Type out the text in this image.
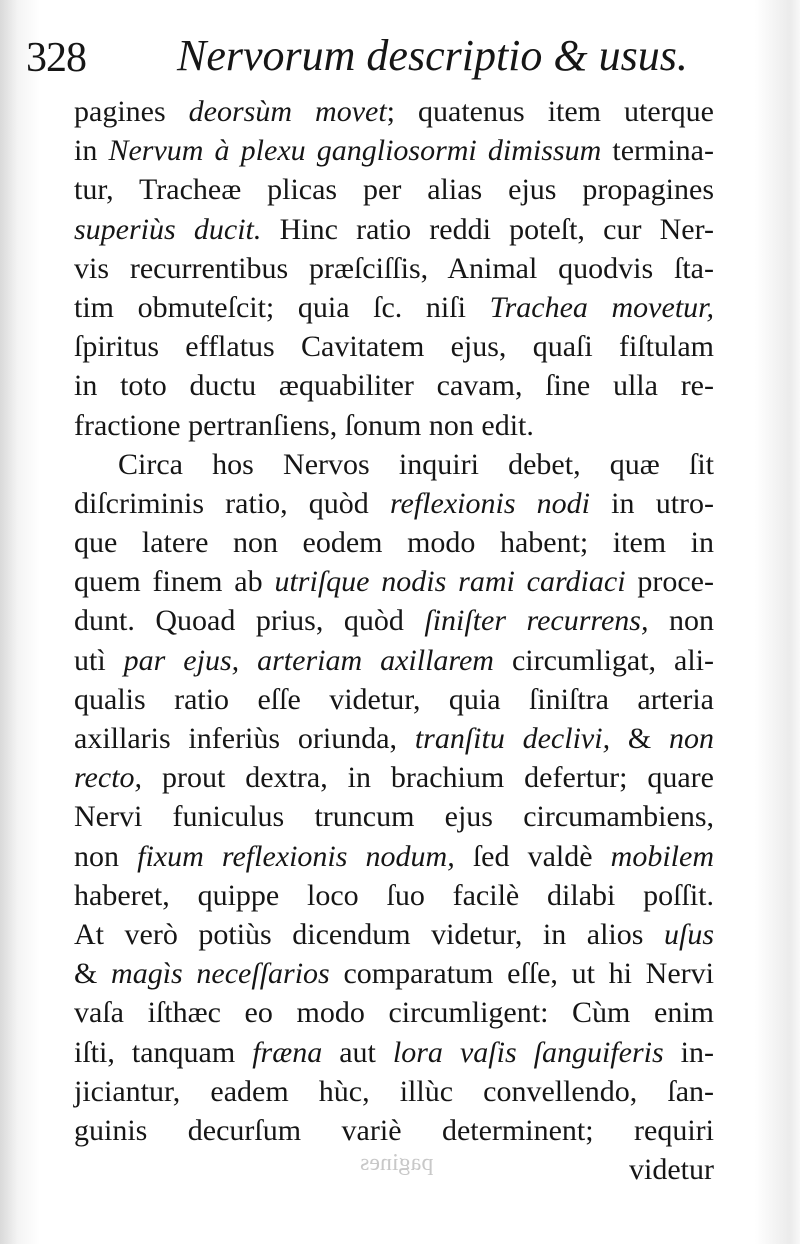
328 Nervorum descriptio & usus.
pagines deorsùm movet; quatenus item uterque
in Nervum à plexu gangliosormi dimissum termina-
tur, Tracheæ plicas per alias ejus propagines
superiùs ducit. Hinc ratio reddi poteſt, cur Ner-
vis recurrentibus præſciſſis, Animal quodvis ſta-
tim obmuteſcit; quia ſc. niſi Trachea movetur,
ſpiritus efflatus Cavitatem ejus, quaſi fiſtulam
in toto ductu æquabiliter cavam, ſine ulla re-
fractione pertranſiens, ſonum non edit.
Circa hos Nervos inquiri debet, quæ ſit
diſcriminis ratio, quòd reflexionis nodi in utro-
que latere non eodem modo habent; item in
quem finem ab utriſque nodis rami cardiaci proce-
dunt. Quoad prius, quòd ſiniſter recurrens, non
utì par ejus, arteriam axillarem circumligat, ali-
qualis ratio eſſe videtur, quia ſiniſtra arteria
axillaris inferiùs oriunda, tranſitu declivi, & non
recto, prout dextra, in brachium defertur; quare
Nervi funiculus truncum ejus circumambiens,
non fixum reflexionis nodum, ſed valdè mobilem
haberet, quippe loco ſuo facilè dilabi poſſit.
At verò potiùs dicendum videtur, in alios uſus
& magìs neceſſarios comparatum eſſe, ut hi Nervi
vaſa iſthæc eo modo circumligent: Cùm enim
iſti, tanquam fræna aut lora vaſis ſanguiferis in-
jiciantur, eadem hùc, illùc convellendo, ſan-
guinis decurſum variè determinent; requiri
videtur
pagines
